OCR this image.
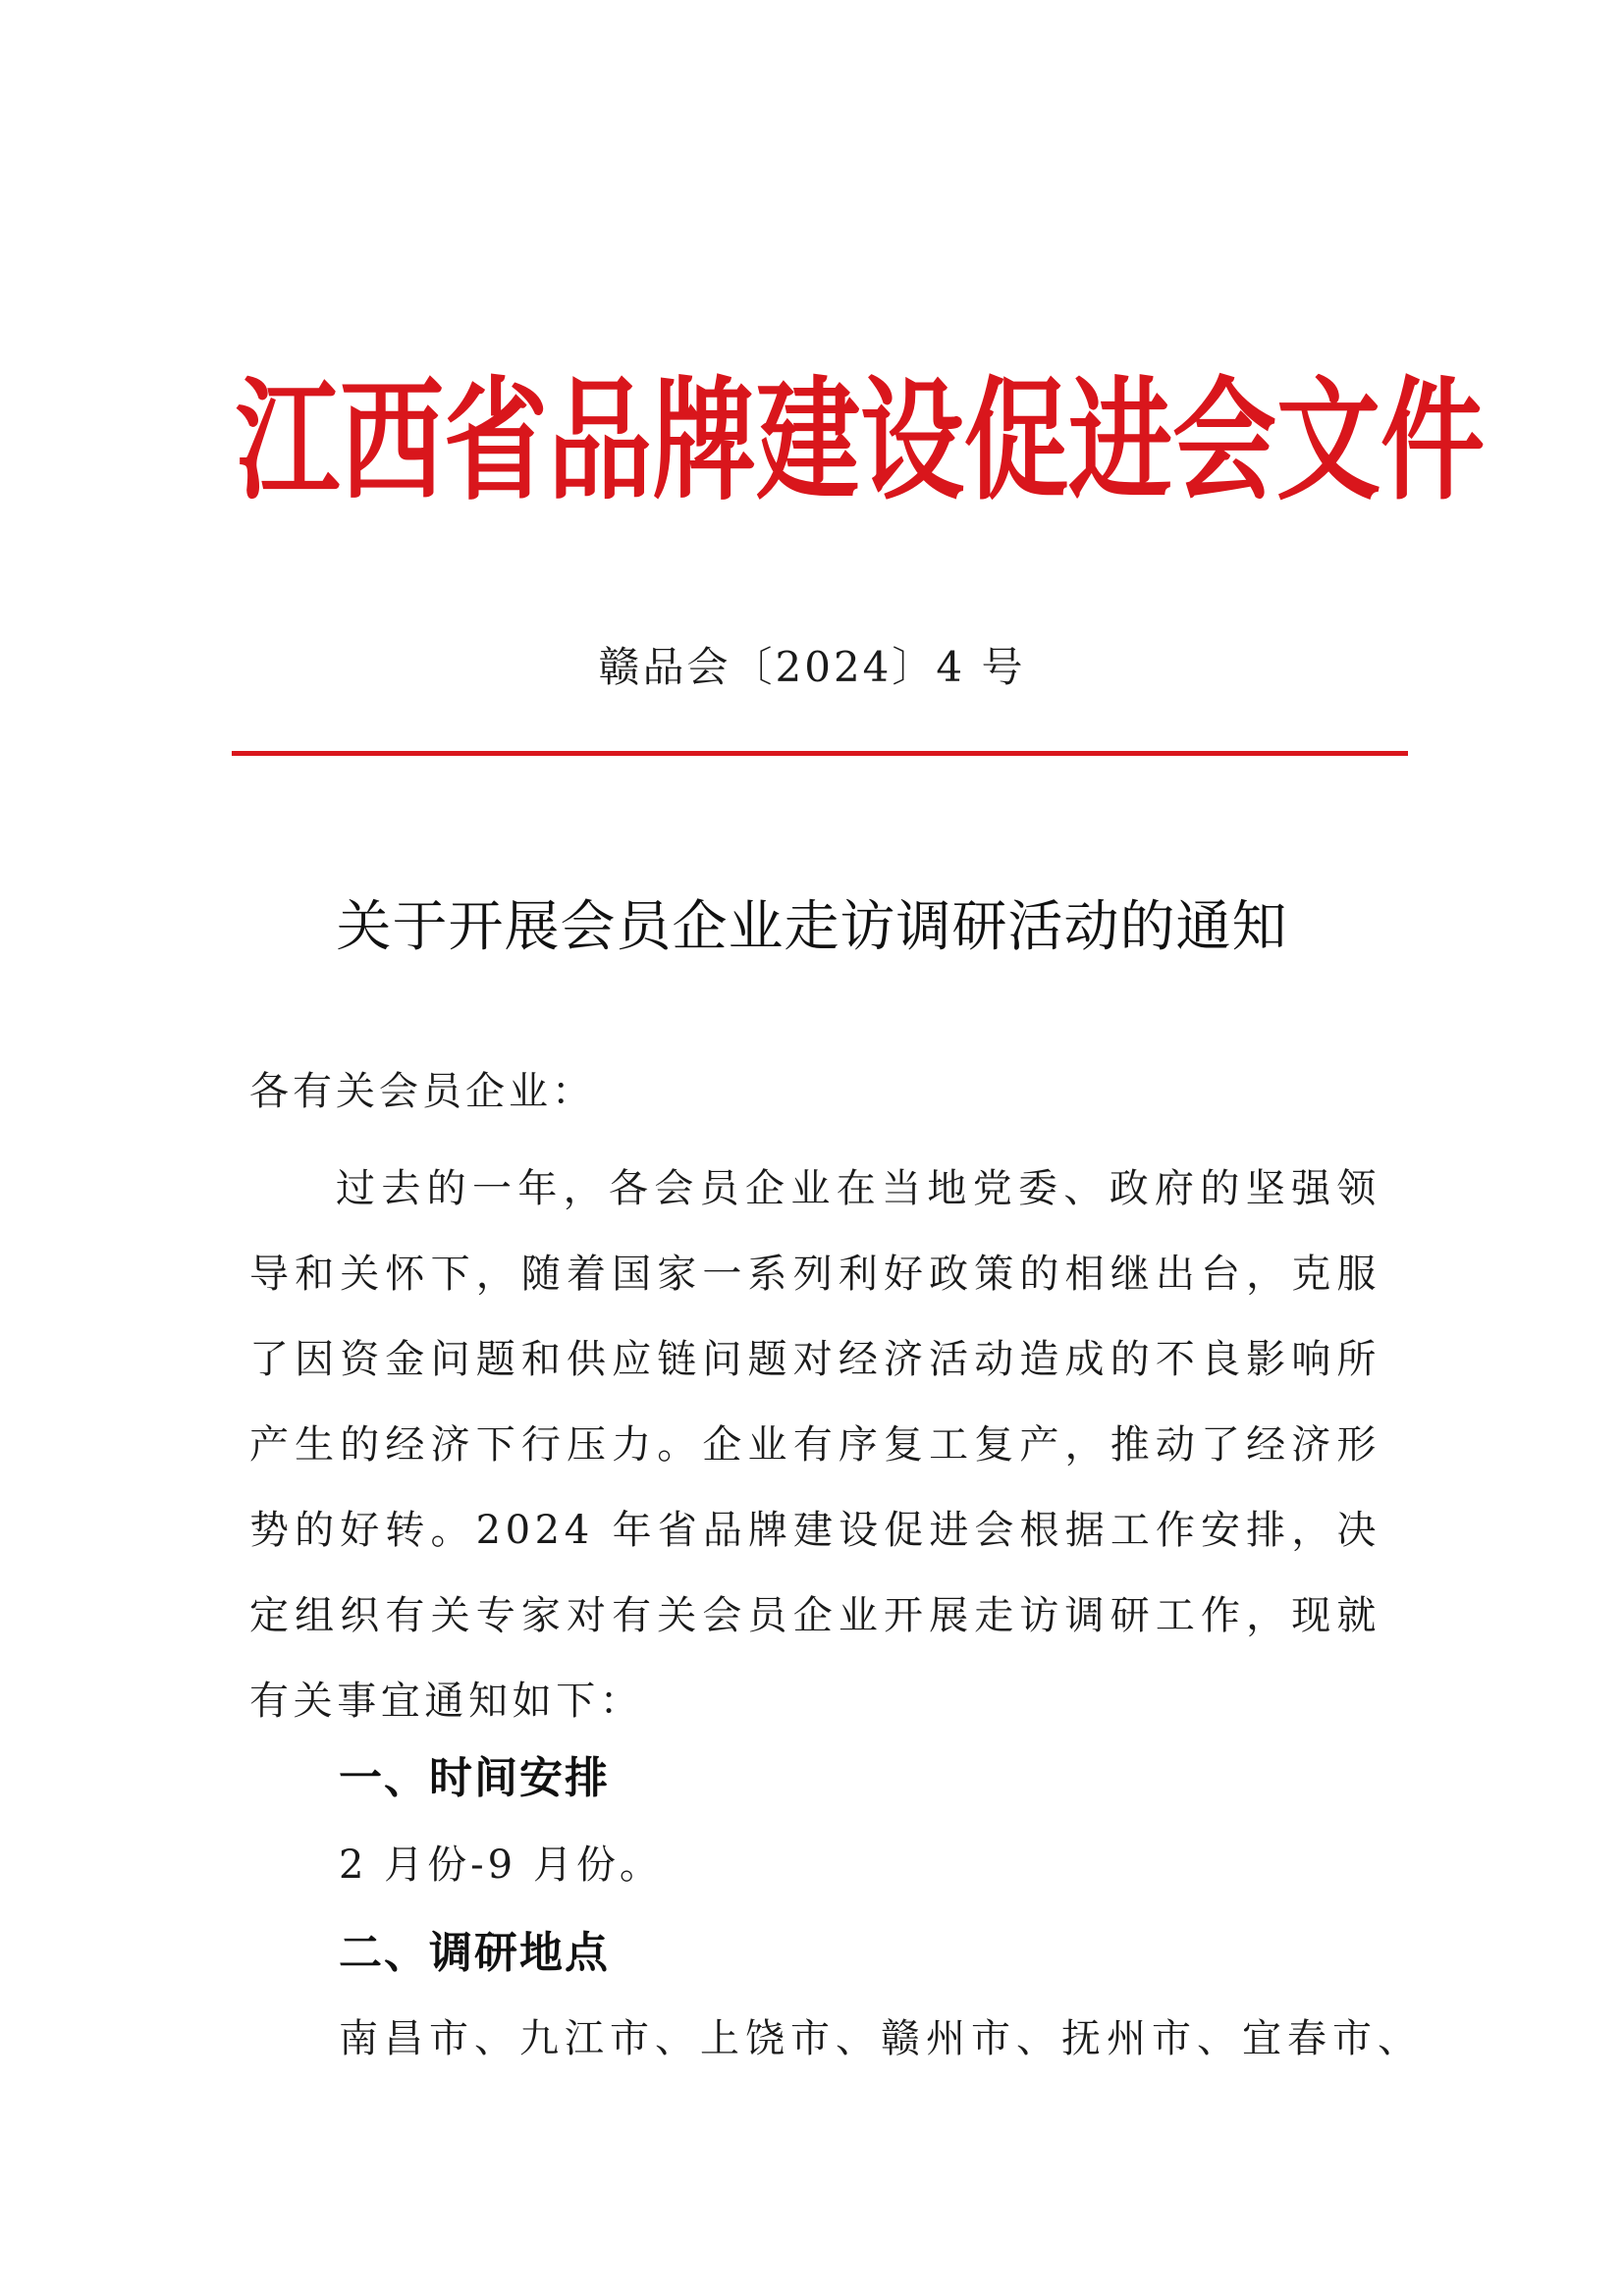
江西省品牌建设促进会文件
赣品会〔2024〕4 号
关于开展会员企业走访调研活动的通知

各有关会员企业：

过去的一年，各会员企业在当地党委、政府的坚强领导和关怀下，随着国家一系列利好政策的相继出台，克服了因资金问题和供应链问题对经济活动造成的不良影响所产生的经济下行压力。企业有序复工复产，推动了经济形势的好转。2024 年省品牌建设促进会根据工作安排，决定组织有关专家对有关会员企业开展走访调研工作，现就有关事宜通知如下：

一、时间安排

2 月份-9 月份。

二、调研地点

南昌市、九江市、上饶市、赣州市、抚州市、宜春市、
